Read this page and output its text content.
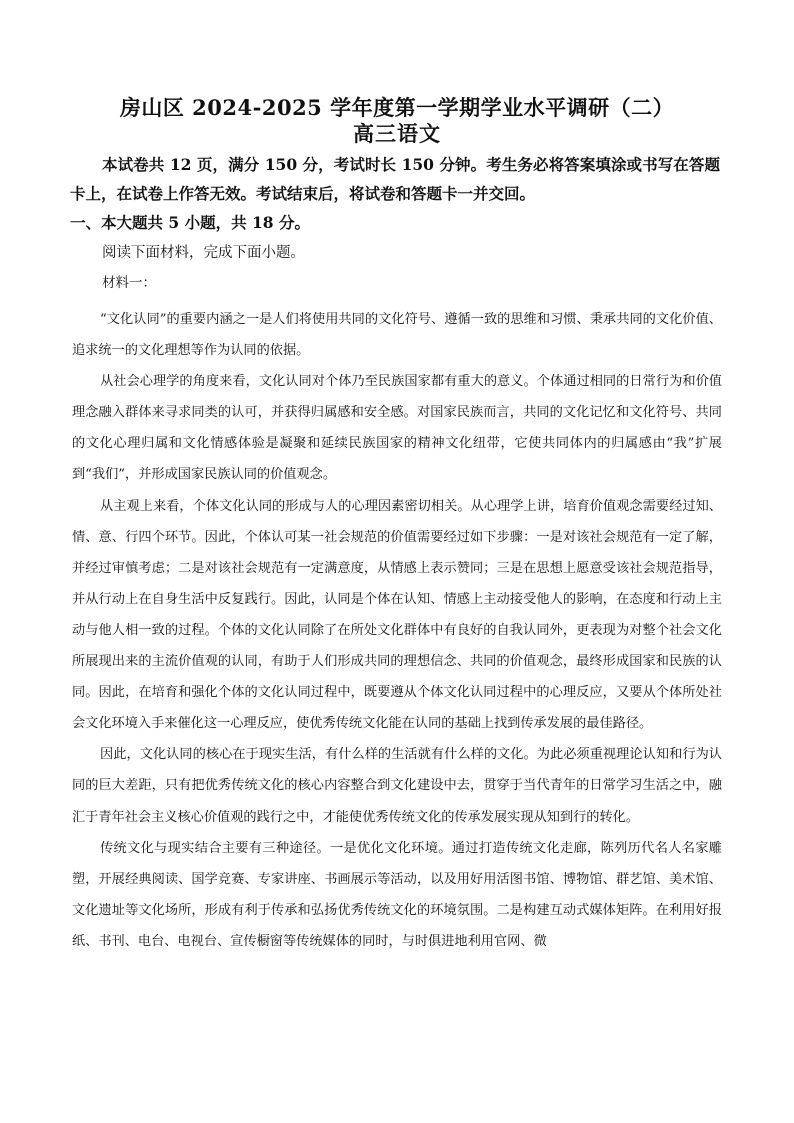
房山区 2024-2025 学年度第一学期学业水平调研（二）
高三语文
本试卷共 12 页，满分 150 分，考试时长 150 分钟。考生务必将答案填涂或书写在答题卡上，在试卷上作答无效。考试结束后，将试卷和答题卡一并交回。
一、本大题共 5 小题，共 18 分。
阅读下面材料，完成下面小题。
材料一：

“文化认同”的重要内涵之一是人们将使用共同的文化符号、遵循一致的思维和习惯、秉承共同的文化价值、追求统一的文化理想等作为认同的依据。

从社会心理学的角度来看，文化认同对个体乃至民族国家都有重大的意义。个体通过相同的日常行为和价值理念融入群体来寻求同类的认可，并获得归属感和安全感。对国家民族而言，共同的文化记忆和文化符号、共同的文化心理归属和文化情感体验是凝聚和延续民族国家的精神文化纽带，它使共同体内的归属感由“我”扩展到“我们”，并形成国家民族认同的价值观念。

从主观上来看，个体文化认同的形成与人的心理因素密切相关。从心理学上讲，培育价值观念需要经过知、情、意、行四个环节。因此，个体认可某一社会规范的价值需要经过如下步骤：一是对该社会规范有一定了解，并经过审慎考虑；二是对该社会规范有一定满意度，从情感上表示赞同；三是在思想上愿意受该社会规范指导，并从行动上在自身生活中反复践行。因此，认同是个体在认知、情感上主动接受他人的影响，在态度和行动上主动与他人相一致的过程。个体的文化认同除了在所处文化群体中有良好的自我认同外，更表现为对整个社会文化所展现出来的主流价值观的认同，有助于人们形成共同的理想信念、共同的价值观念，最终形成国家和民族的认同。因此，在培育和强化个体的文化认同过程中，既要遵从个体文化认同过程中的心理反应，又要从个体所处社会文化环境入手来催化这一心理反应，使优秀传统文化能在认同的基础上找到传承发展的最佳路径。

因此，文化认同的核心在于现实生活，有什么样的生活就有什么样的文化。为此必须重视理论认知和行为认同的巨大差距，只有把优秀传统文化的核心内容整合到文化建设中去，贯穿于当代青年的日常学习生活之中，融汇于青年社会主义核心价值观的践行之中，才能使优秀传统文化的传承发展实现从知到行的转化。

传统文化与现实结合主要有三种途径。一是优化文化环境。通过打造传统文化走廊，陈列历代名人名家雕塑，开展经典阅读、国学竞赛、专家讲座、书画展示等活动，以及用好用活图书馆、博物馆、群艺馆、美术馆、文化遗址等文化场所，形成有利于传承和弘扬优秀传统文化的环境氛围。二是构建互动式媒体矩阵。在利用好报纸、书刊、电台、电视台、宣传橱窗等传统媒体的同时，与时俱进地利用官网、微
